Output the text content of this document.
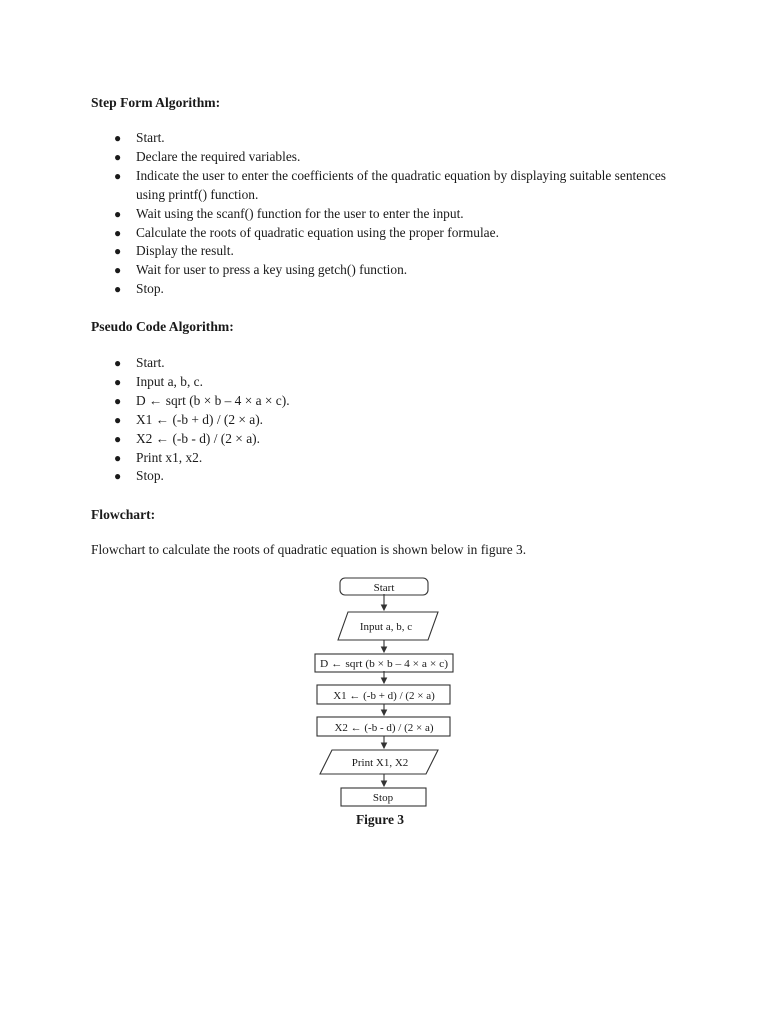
Step Form Algorithm:

● Start.
● Declare the required variables.
● Indicate the user to enter the coefficients of the quadratic equation by displaying suitable sentences using printf() function.
● Wait using the scanf() function for the user to enter the input.
● Calculate the roots of quadratic equation using the proper formulae.
● Display the result.
● Wait for user to press a key using getch() function.
● Stop.

Pseudo Code Algorithm:

● Start.
● Input a, b, c.
● D ← sqrt (b × b – 4 × a × c).
● X1 ← (-b + d) / (2 × a).
● X2 ← (-b - d) / (2 × a).
● Print x1, x2.
● Stop.

Flowchart:

Flowchart to calculate the roots of quadratic equation is shown below in figure 3.

Start
Input a, b, c
D ← sqrt (b × b – 4 × a × c)
X1 ← (-b + d) / (2 × a)
X2 ← (-b - d) / (2 × a)
Print X1, X2
Stop
Figure 3
